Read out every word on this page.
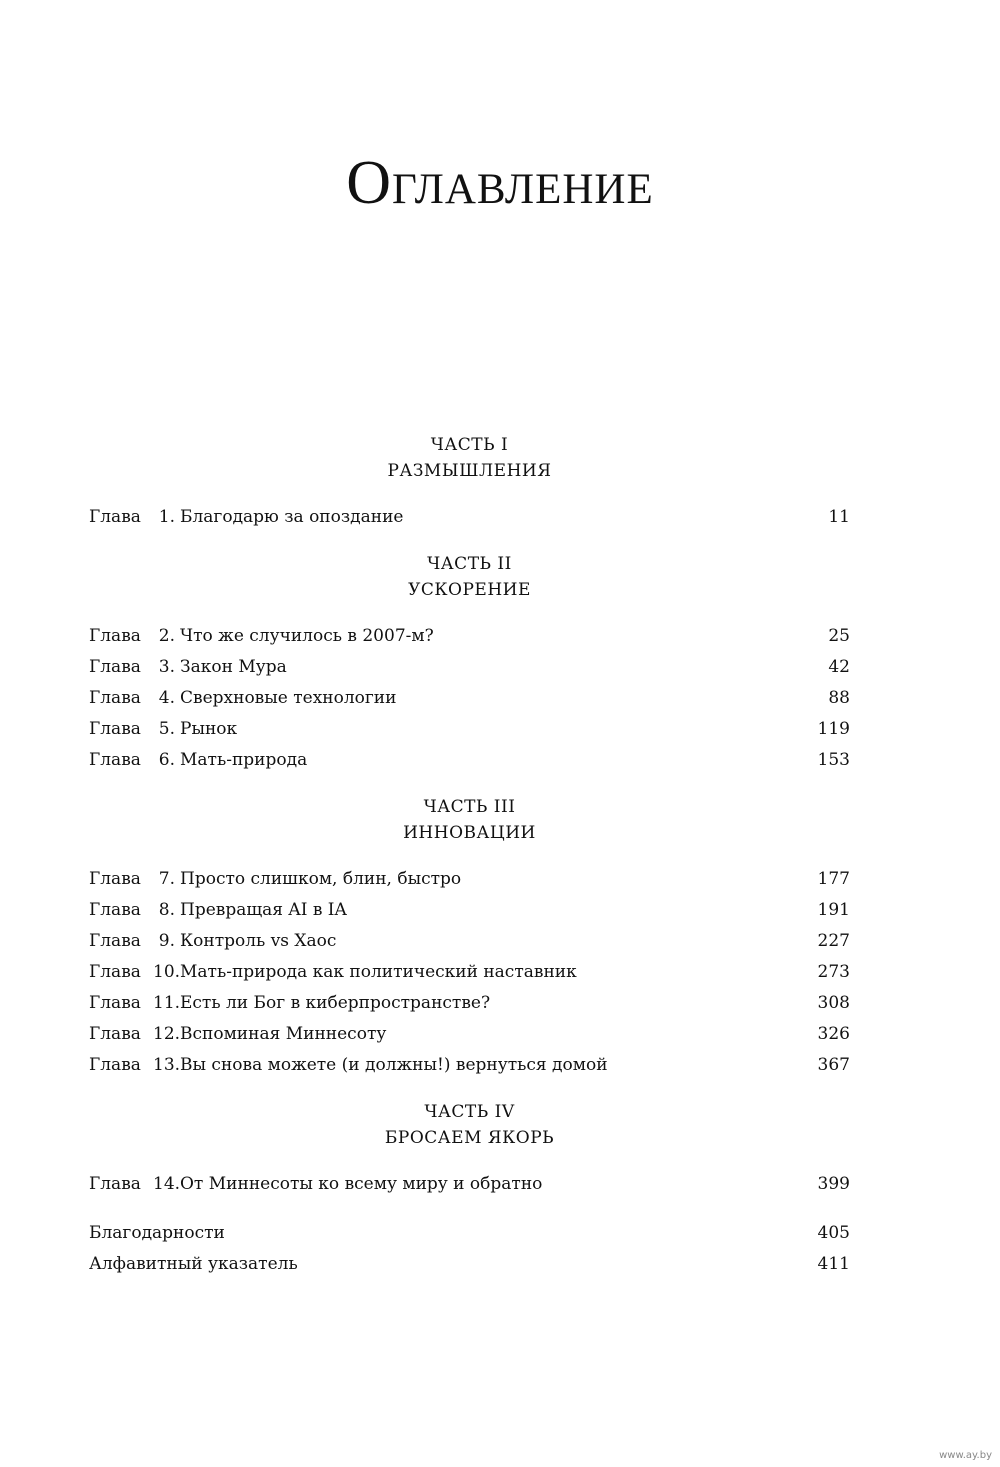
Оглавление
ЧАСТЬ I
РАЗМЫШЛЕНИЯ
Глава	1. Благодарю за опоздание . . .	11
ЧАСТЬ II
УСКОРЕНИЕ
Глава	2. Что же случилось в 2007-м? . . .	25
Глава	3. Закон Мура . . .	42
Глава	4. Сверхновые технологии . . .	88
Глава	5. Рынок . . .	119
Глава	6. Мать-природа . . .	153
ЧАСТЬ III
ИННОВАЦИИ
Глава	7. Просто слишком, блин, быстро . . .	177
Глава	8. Превращая AI в IA . . .	191
Глава	9. Контроль vs Хаос . . .	227
Глава 10. Мать-природа как политический наставник . . .	273
Глава 11. Есть ли Бог в киберпространстве? . . .	308
Глава 12. Вспоминая Миннесоту . . .	326
Глава 13. Вы снова можете (и должны!) вернуться домой . . .	367
ЧАСТЬ IV
БРОСАЕМ ЯКОРЬ
Глава 14. От Миннесоты ко всему миру и обратно . . .	399
Благодарности . . .	405
Алфавитный указатель . . .	411
www.ay.by
